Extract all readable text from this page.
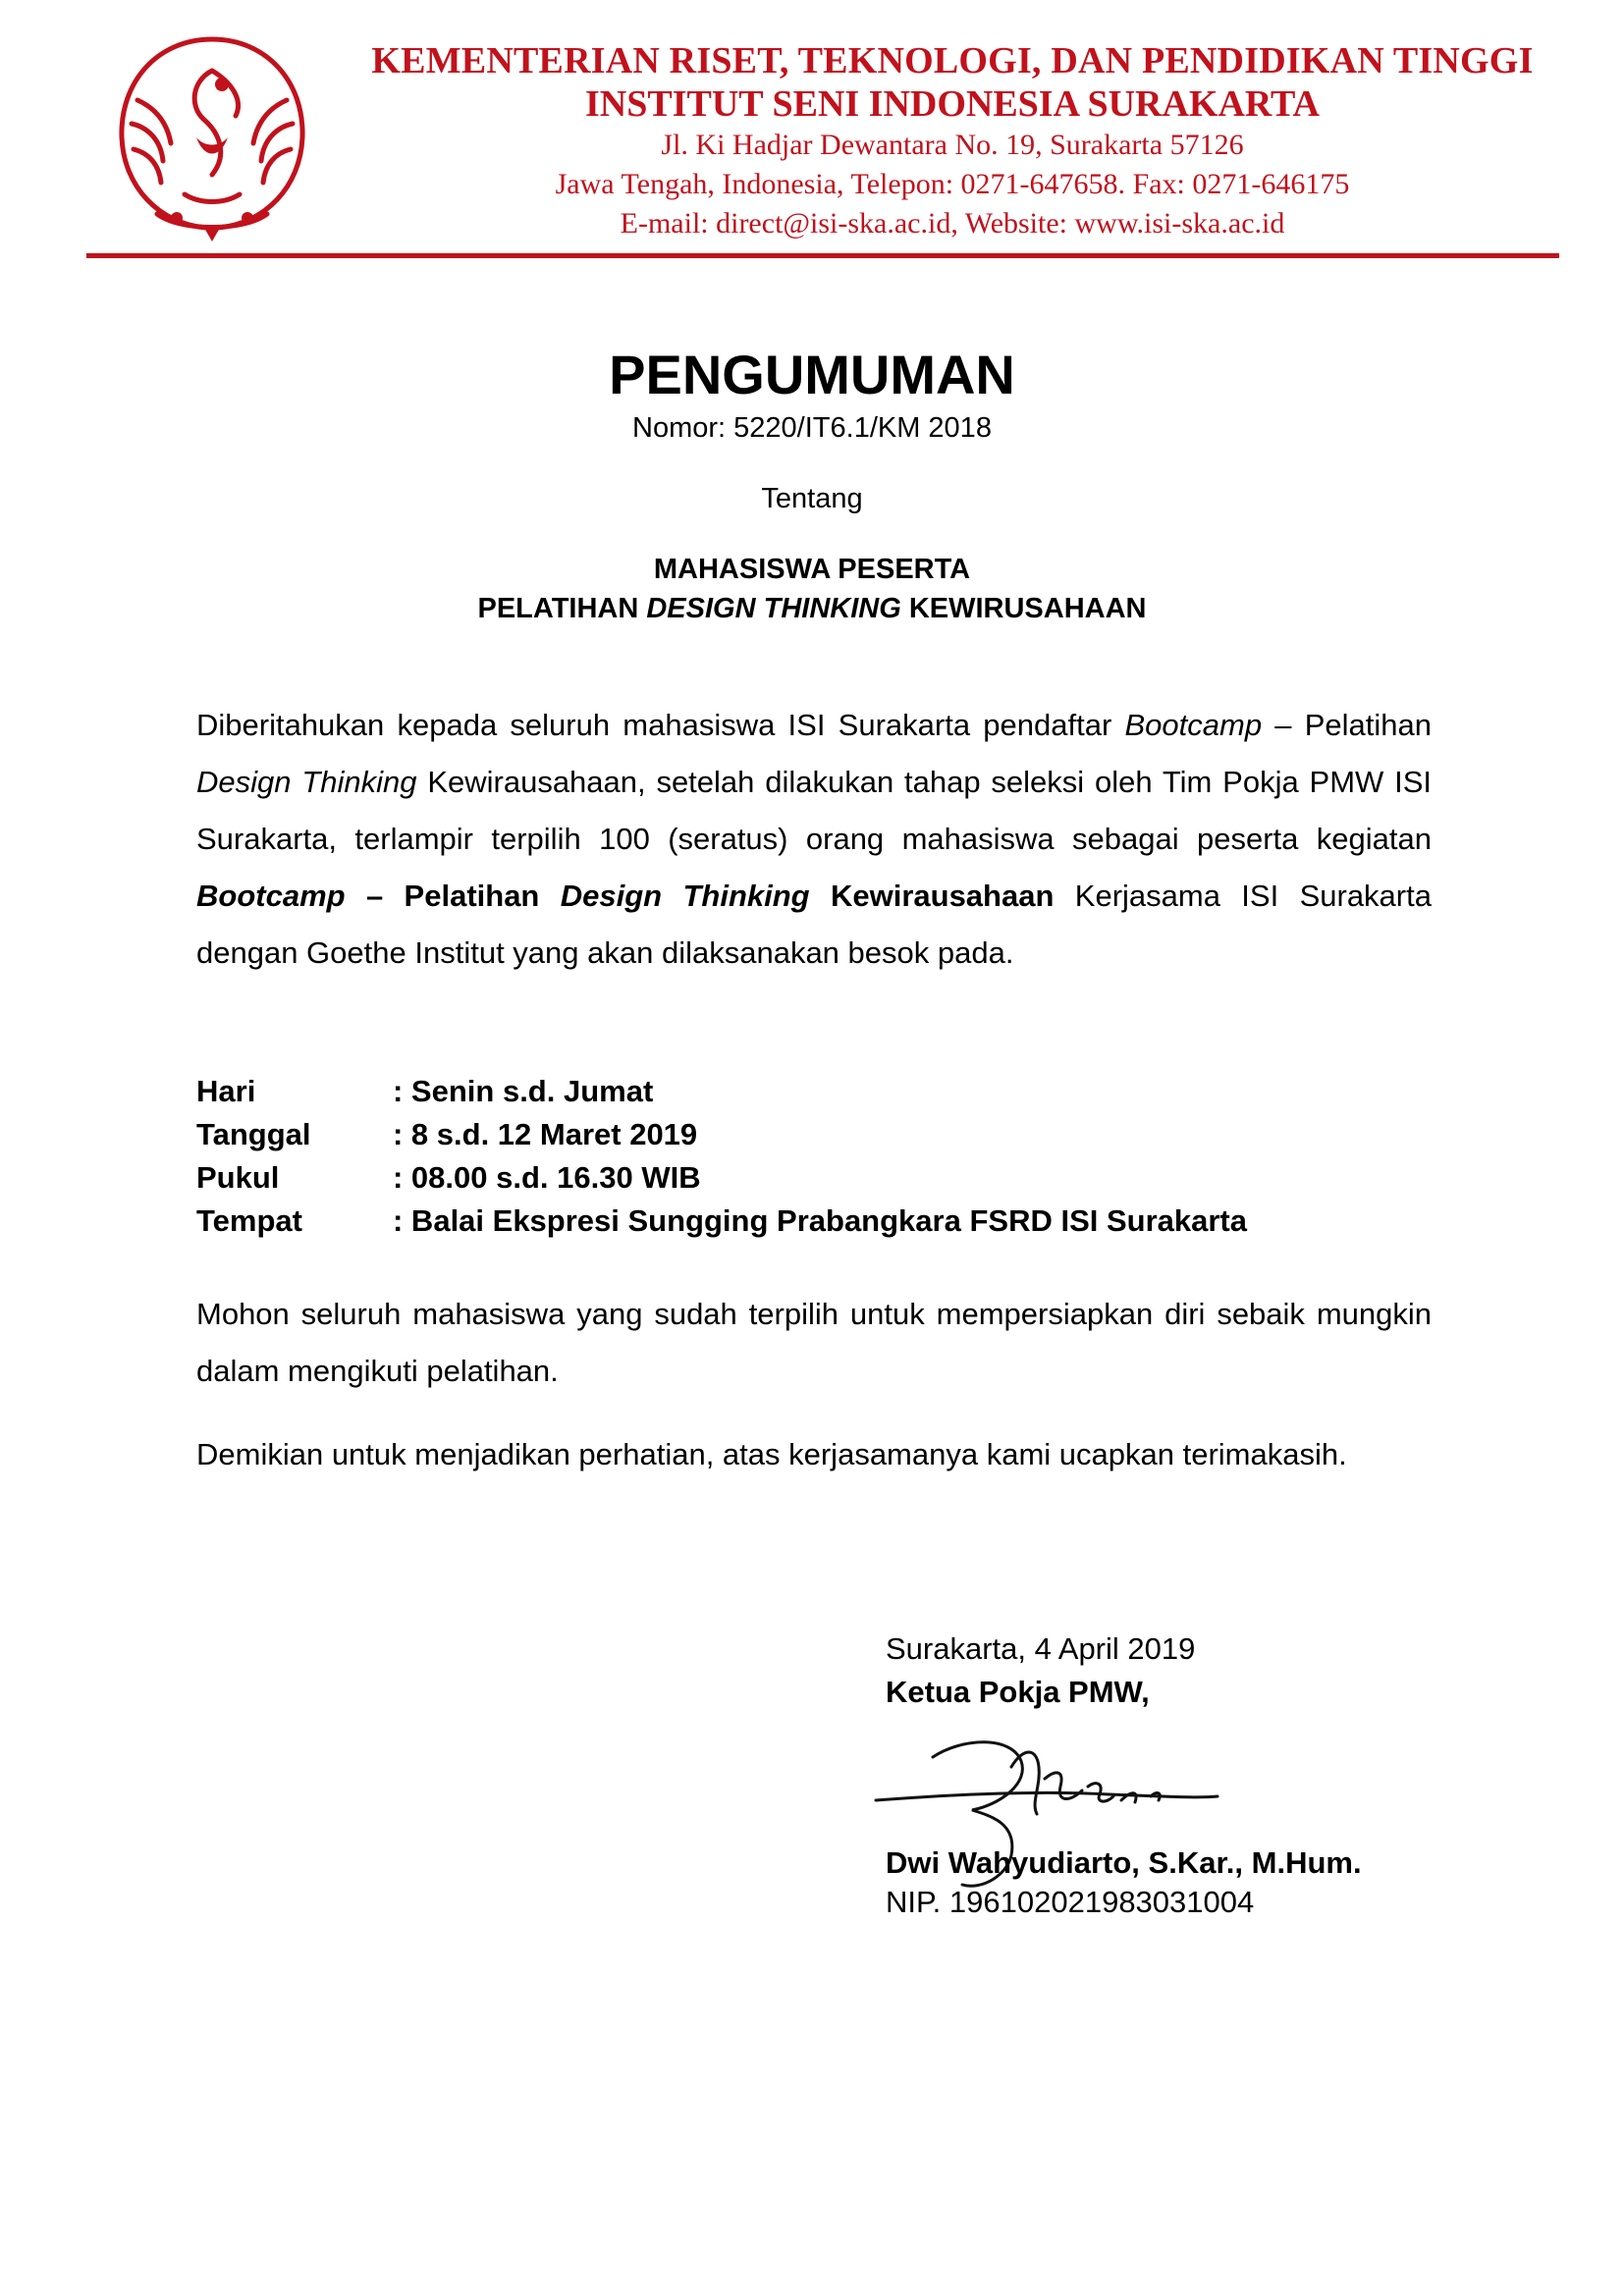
KEMENTERIAN RISET, TEKNOLOGI, DAN PENDIDIKAN TINGGI
INSTITUT SENI INDONESIA SURAKARTA
Jl. Ki Hadjar Dewantara No. 19, Surakarta 57126
Jawa Tengah, Indonesia, Telepon: 0271-647658. Fax: 0271-646175
E-mail: direct@isi-ska.ac.id, Website: www.isi-ska.ac.id
PENGUMUMAN
Nomor: 5220/IT6.1/KM 2018
Tentang
MAHASISWA PESERTA
PELATIHAN DESIGN THINKING KEWIRUSAHAAN
Diberitahukan kepada seluruh mahasiswa ISI Surakarta pendaftar Bootcamp – Pelatihan Design Thinking Kewirausahaan, setelah dilakukan tahap seleksi oleh Tim Pokja PMW ISI Surakarta, terlampir terpilih 100 (seratus) orang mahasiswa sebagai peserta kegiatan Bootcamp – Pelatihan Design Thinking Kewirausahaan Kerjasama ISI Surakarta dengan Goethe Institut yang akan dilaksanakan besok pada.
Hari	: Senin s.d. Jumat
Tanggal	: 8 s.d. 12 Maret 2019
Pukul	: 08.00 s.d. 16.30 WIB
Tempat	: Balai Ekspresi Sungging Prabangkara FSRD ISI Surakarta
Mohon seluruh mahasiswa yang sudah terpilih untuk mempersiapkan diri sebaik mungkin dalam mengikuti pelatihan.
Demikian untuk menjadikan perhatian, atas kerjasamanya kami ucapkan terimakasih.
Surakarta, 4 April 2019
Ketua Pokja PMW,
Dwi Wahyudiarto, S.Kar., M.Hum.
NIP. 196102021983031004
